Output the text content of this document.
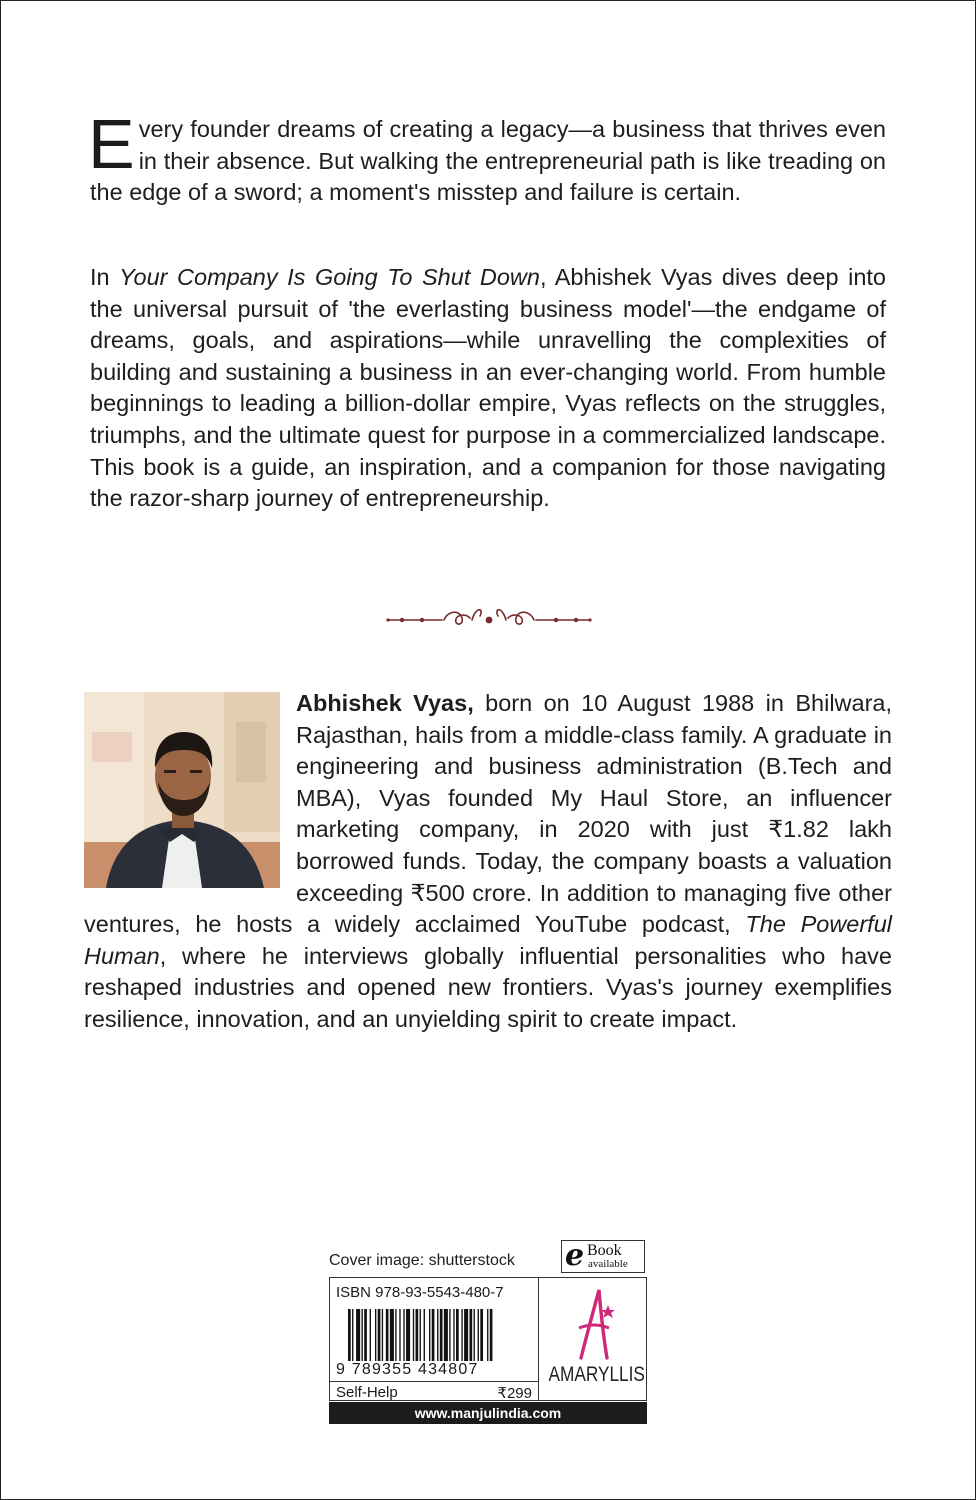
Every founder dreams of creating a legacy—a business that thrives even in their absence. But walking the entrepreneurial path is like treading on the edge of a sword; a moment's misstep and failure is certain.

In Your Company Is Going To Shut Down, Abhishek Vyas dives deep into the universal pursuit of 'the everlasting business model'—the endgame of dreams, goals, and aspirations—while unravelling the complexities of building and sustaining a business in an ever-changing world. From humble beginnings to leading a billion-dollar empire, Vyas reflects on the struggles, triumphs, and the ultimate quest for purpose in a commercialized landscape. This book is a guide, an inspiration, and a companion for those navigating the razor-sharp journey of entrepreneurship.

Abhishek Vyas, born on 10 August 1988 in Bhilwara, Rajasthan, hails from a middle-class family. A graduate in engineering and business administration (B.Tech and MBA), Vyas founded My Haul Store, an influencer marketing company, in 2020 with just ₹1.82 lakh borrowed funds. Today, the company boasts a valuation exceeding ₹500 crore. In addition to managing five other ventures, he hosts a widely acclaimed YouTube podcast, The Powerful Human, where he interviews globally influential personalities who have reshaped industries and opened new frontiers. Vyas's journey exemplifies resilience, innovation, and an unyielding spirit to create impact.

Cover image: shutterstock e Book
available
ISBN 978-93-5543-480-7
9 789355 434807
Self-Help	₹299
AMARYLLIS
www.manjulindia.com
